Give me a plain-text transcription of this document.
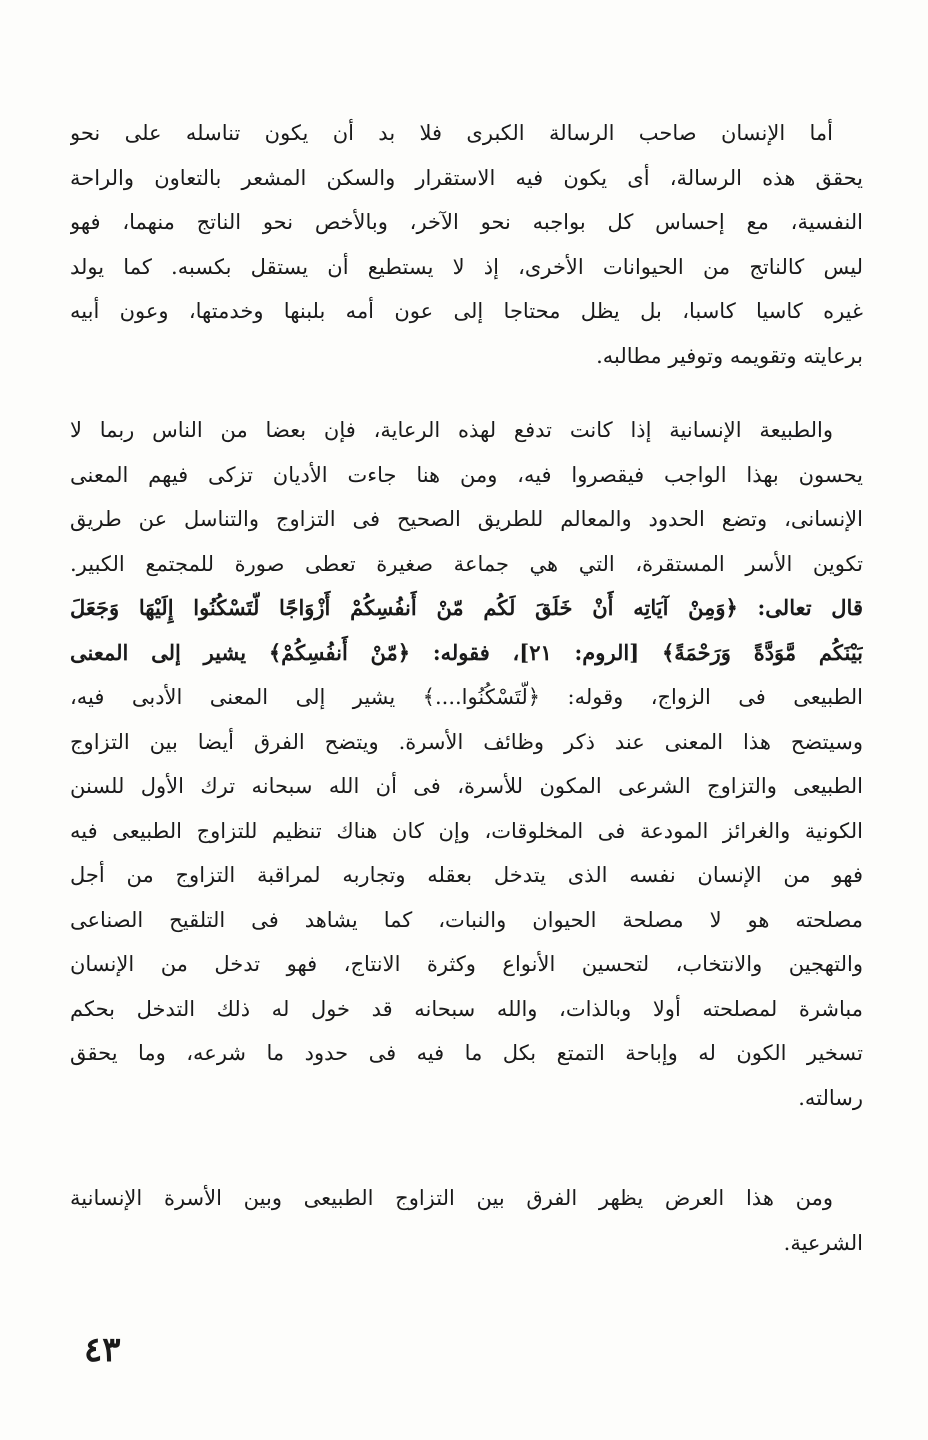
أما الإنسان صاحب الرسالة الكبرى فلا بد أن يكون تناسله على نحو
يحقق هذه الرسالة، أى يكون فيه الاستقرار والسكن المشعر بالتعاون والراحة
النفسية، مع إحساس كل بواجبه نحو الآخر، وبالأخص نحو الناتج منهما، فهو
ليس كالناتج من الحيوانات الأخرى، إذ لا يستطيع أن يستقل بكسبه. كما يولد
غيره كاسيا كاسبا، بل يظل محتاجا إلى عون أمه بلبنها وخدمتها، وعون أبيه
برعايته وتقويمه وتوفير مطالبه.
والطبيعة الإنسانية إذا كانت تدفع لهذه الرعاية، فإن بعضا من الناس ربما لا
يحسون بهذا الواجب فيقصروا فيه، ومن هنا جاءت الأديان تزكى فيهم المعنى
الإنسانى، وتضع الحدود والمعالم للطريق الصحيح فى التزاوج والتناسل عن طريق
تكوين الأسر المستقرة، التي هي جماعة صغيرة تعطى صورة للمجتمع الكبير.
قال تعالى: ﴿وَمِنْ آيَاتِه أَنْ خَلَقَ لَكُم مّنْ أَنفُسِكُمْ أَزْوَاجًا لّتَسْكُنُوا إِلَيْهَا وَجَعَلَ
بَيْنَكُم مَّوَدَّةً وَرَحْمَةً﴾ [الروم: ٢١]، فقوله: ﴿مّنْ أَنفُسِكُمْ﴾ يشير إلى المعنى
الطبيعى فى الزواج، وقوله: ﴿لّتَسْكُنُوا....﴾ يشير إلى المعنى الأدبى فيه،
وسيتضح هذا المعنى عند ذكر وظائف الأسرة. ويتضح الفرق أيضا بين التزاوج
الطبيعى والتزاوج الشرعى المكون للأسرة، فى أن الله سبحانه ترك الأول للسنن
الكونية والغرائز المودعة فى المخلوقات، وإن كان هناك تنظيم للتزاوج الطبيعى فيه
فهو من الإنسان نفسه الذى يتدخل بعقله وتجاربه لمراقبة التزاوج من أجل
مصلحته هو لا مصلحة الحيوان والنبات، كما يشاهد فى التلقيح الصناعى
والتهجين والانتخاب، لتحسين الأنواع وكثرة الانتاج، فهو تدخل من الإنسان
مباشرة لمصلحته أولا وبالذات، والله سبحانه قد خول له ذلك التدخل بحكم
تسخير الكون له وإباحة التمتع بكل ما فيه فى حدود ما شرعه، وما يحقق
رسالته.
ومن هذا العرض يظهر الفرق بين التزاوج الطبيعى وبين الأسرة الإنسانية
الشرعية.
٤٣
